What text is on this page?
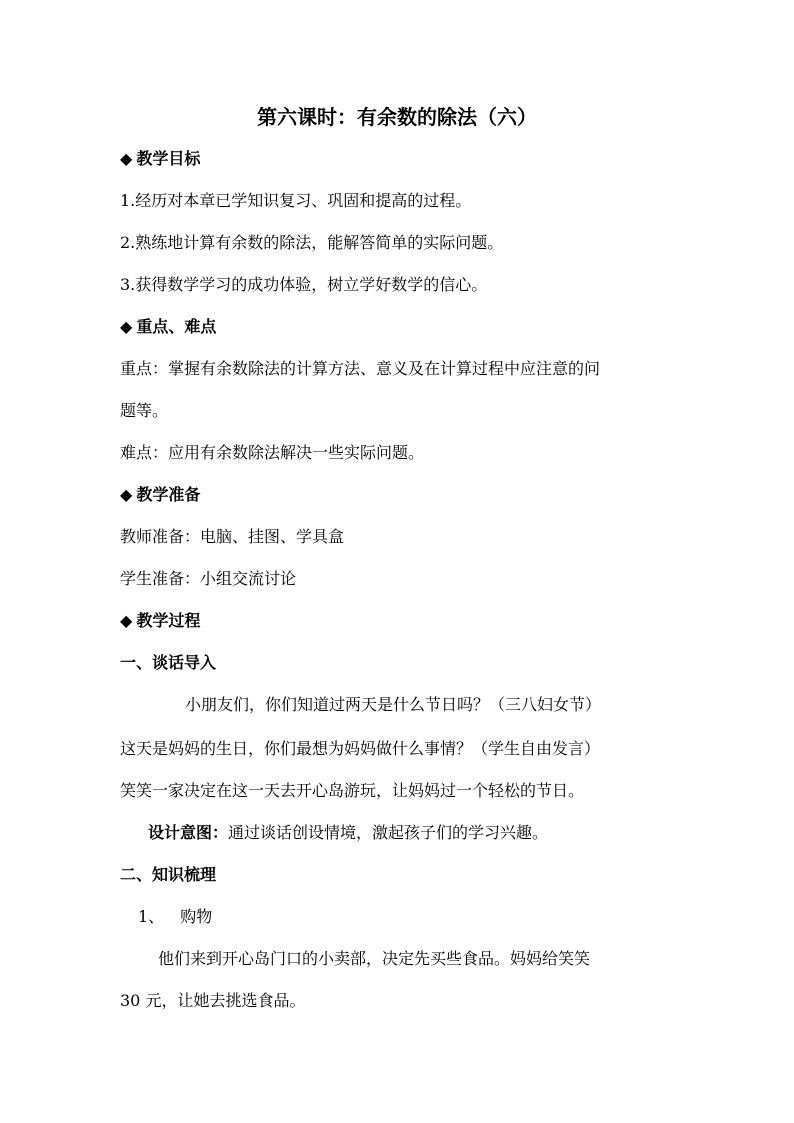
第六课时：有余数的除法（六）
◆ 教学目标
1.经历对本章已学知识复习、巩固和提高的过程。
2.熟练地计算有余数的除法，能解答简单的实际问题。
3.获得数学学习的成功体验，树立学好数学的信心。
◆ 重点、难点
重点：掌握有余数除法的计算方法、意义及在计算过程中应注意的问
题等。
难点：应用有余数除法解决一些实际问题。
◆ 教学准备
教师准备：电脑、挂图、学具盒
学生准备：小组交流讨论
◆ 教学过程
一、谈话导入
小朋友们，你们知道过两天是什么节日吗？（三八妇女节）
这天是妈妈的生日，你们最想为妈妈做什么事情？（学生自由发言）
笑笑一家决定在这一天去开心岛游玩，让妈妈过一个轻松的节日。
设计意图：通过谈话创设情境，激起孩子们的学习兴趣。
二、知识梳理
1、 购物
他们来到开心岛门口的小卖部，决定先买些食品。妈妈给笑笑
30 元，让她去挑选食品。
